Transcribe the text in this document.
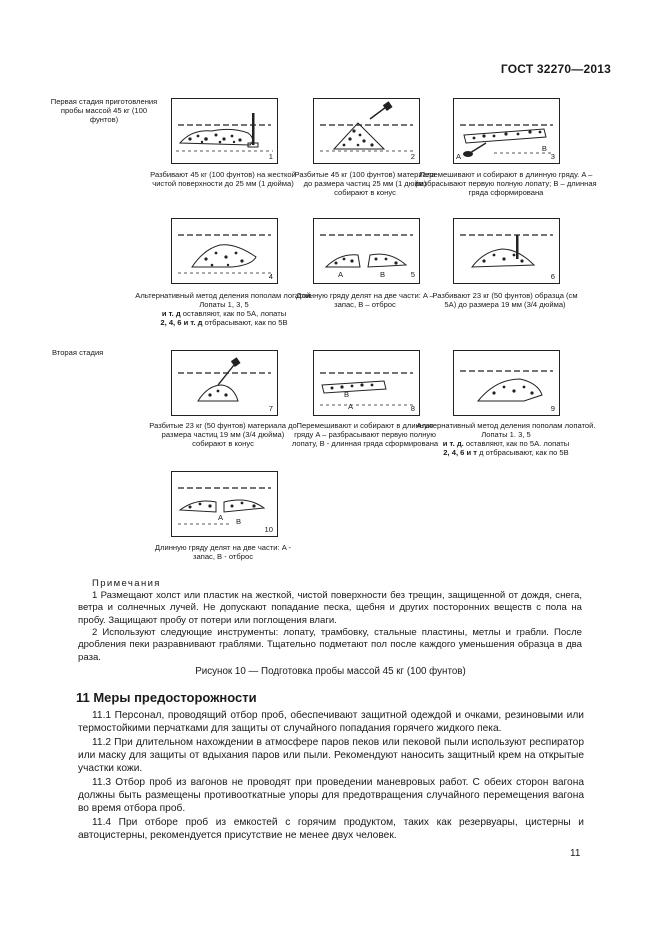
ГОСТ 32270—2013
Первая стадия приготовления пробы массой 45 кг (100 фунтов)
Вторая стадия
1
Разбивают 45 кг (100 фунтов) на жесткой чистой поверхности до 25 мм (1 дюйма)
2
Разбитые 45 кг (100 фунтов) материала до размера частиц 25 мм (1 дюйм) собирают в конус
A
B
3
Перемешивают и собирают в длинную гряду. A – разбрасывают первую полную лопату; B – длинная гряда сформирована
4
Альтернативный метод деления пополам логатой. Лопаты 1, 3, 5
и т. д оставляют, как по 5А, лопаты
2, 4, 6 и т. д отбрасывают, как по 5В
A	B	5
Длинную гряду делят на две части: A – запас, B – отброс
6
Разбивают 23 кг (50 фунтов) образца (см 5А) до размера 19 мм (3/4 дюйма)
7
Разбитые 23 кг (50 фунтов) материала до размера частиц 19 мм (3/4 дюйма) собирают в конус
B
A	8
Перемешивают и собирают в длинную гряду A – разбрасывают первую полную лопату, B - длинная гряда сформирована
9
Альтернативный метод деления пополам лопатой. Лопаты 1. 3, 5
и т. д. оставляют, как по 5А. лопаты
2, 4, 6 и т д отбрасывают, как по 5В
A B
10
Длинную гряду делят на две части: A - запас, B - отброс
Примечания
1 Размещают холст или пластик на жесткой, чистой поверхности без трещин, защищенной от дождя, снега, ветра и солнечных лучей. Не допускают попадание песка, щебня и других посторонних веществ с пола на пробу. Защищают пробу от потери или поглощения влаги.
2 Используют следующие инструменты: лопату, трамбовку, стальные пластины, метлы и грабли. После дробления пеки разравнивают граблями. Тщательно подметают пол после каждого уменьшения образца в два раза.
Рисунок 10 — Подготовка пробы массой 45 кг (100 фунтов)
11 Меры предосторожности
11.1 Персонал, проводящий отбор проб, обеспечивают защитной одеждой и очками, резиновыми или термостойкими перчатками для защиты от случайного попадания горячего жидкого пека.
11.2 При длительном нахождении в атмосфере паров пеков или пековой пыли используют респиратор или маску для защиты от вдыхания паров или пыли. Рекомендуют наносить защитный крем на открытые участки кожи.
11.3 Отбор проб из вагонов не проводят при проведении маневровых работ. С обеих сторон вагона должны быть размещены противооткатные упоры для предотвращения случайного перемещения вагона во время отбора проб.
11.4 При отборе проб из емкостей с горячим продуктом, таких как резервуары, цистерны и автоцистерны, рекомендуется присутствие не менее двух человек.
11
